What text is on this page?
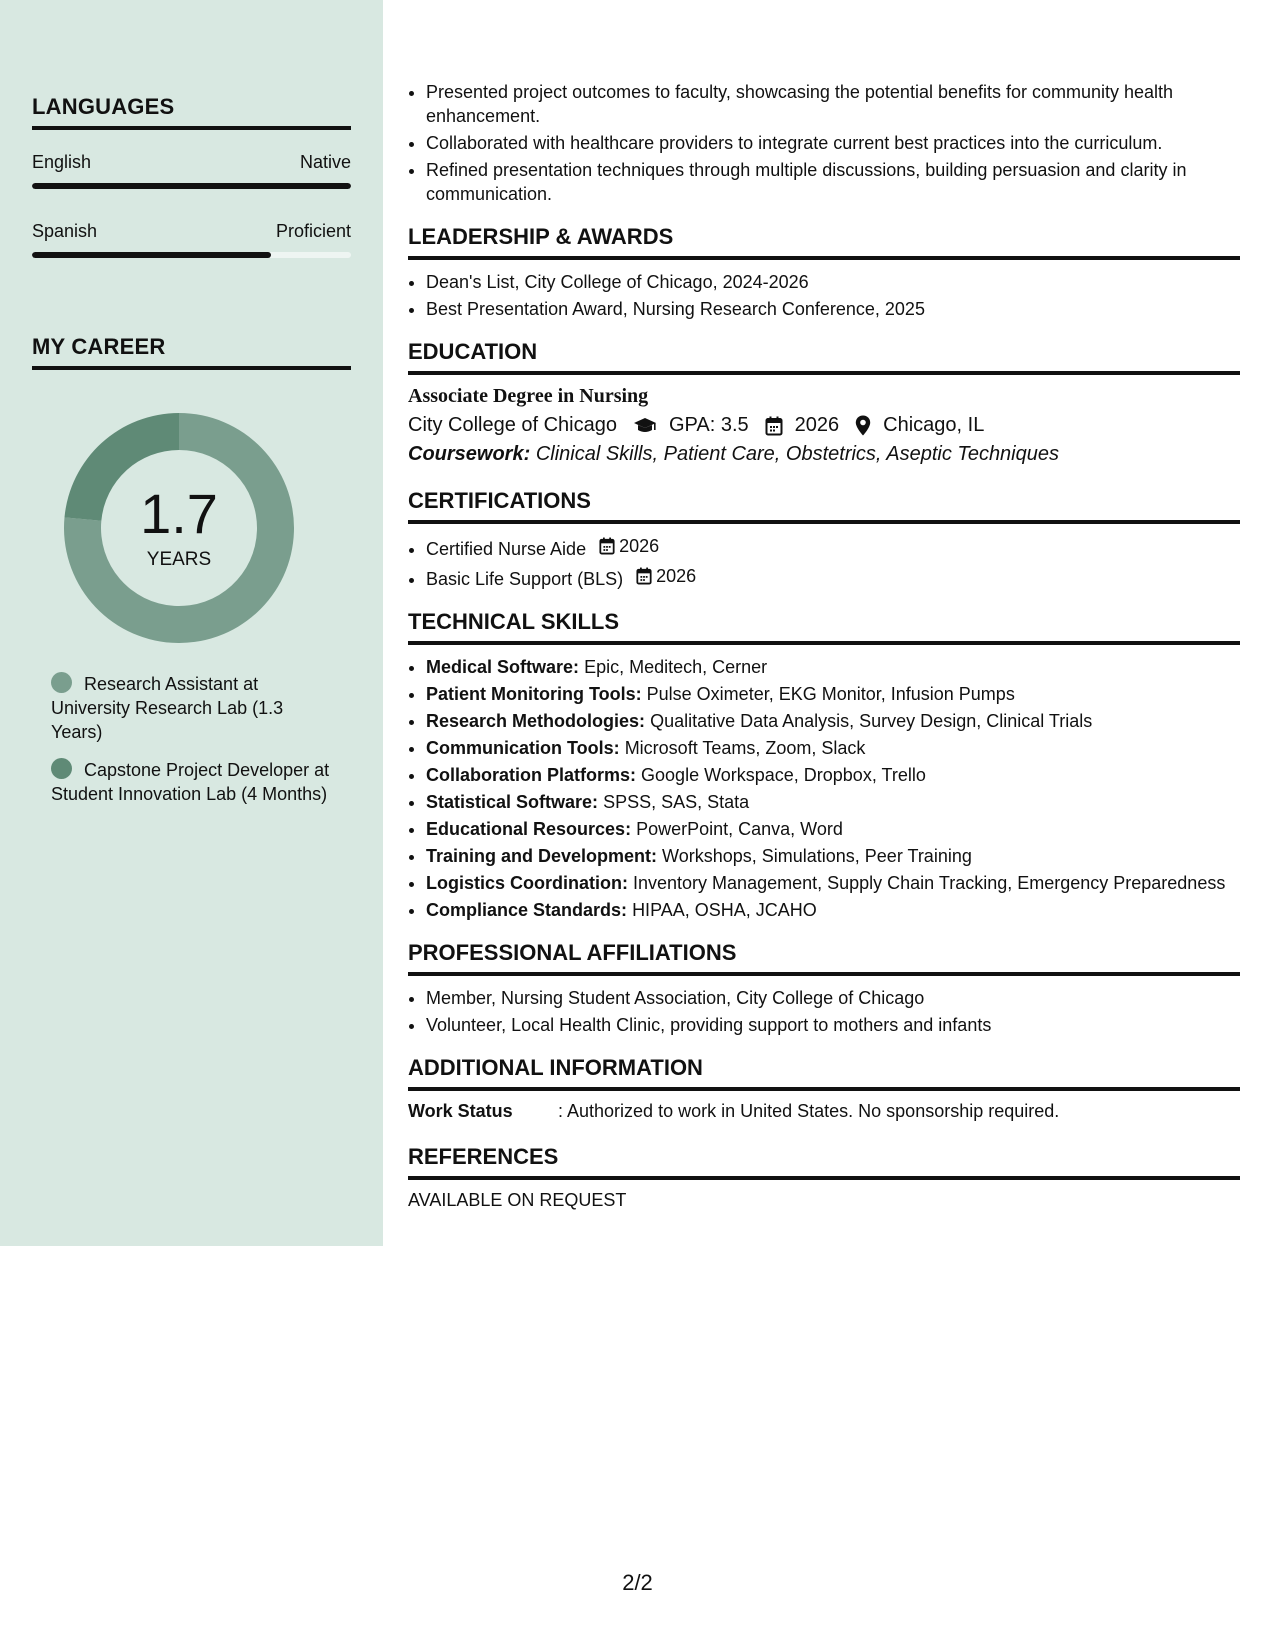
LANGUAGES
English	Native
Spanish	Proficient
MY CAREER
1.7
YEARS
Research Assistant at University Research Lab (1.3 Years)
Capstone Project Developer at Student Innovation Lab (4 Months)
• Presented project outcomes to faculty, showcasing the potential benefits for community health enhancement.
• Collaborated with healthcare providers to integrate current best practices into the curriculum.
• Refined presentation techniques through multiple discussions, building persuasion and clarity in communication.
LEADERSHIP & AWARDS
• Dean's List, City College of Chicago, 2024-2026
• Best Presentation Award, Nursing Research Conference, 2025
EDUCATION
Associate Degree in Nursing
City College of Chicago	GPA: 3.5 2026 Chicago, IL
Coursework: Clinical Skills, Patient Care, Obstetrics, Aseptic Techniques
CERTIFICATIONS
• Certified Nurse Aide 2026
• Basic Life Support (BLS) 2026
TECHNICAL SKILLS
• Medical Software: Epic, Meditech, Cerner
• Patient Monitoring Tools: Pulse Oximeter, EKG Monitor, Infusion Pumps
• Research Methodologies: Qualitative Data Analysis, Survey Design, Clinical Trials
• Communication Tools: Microsoft Teams, Zoom, Slack
• Collaboration Platforms: Google Workspace, Dropbox, Trello
• Statistical Software: SPSS, SAS, Stata
• Educational Resources: PowerPoint, Canva, Word
• Training and Development: Workshops, Simulations, Peer Training
• Logistics Coordination: Inventory Management, Supply Chain Tracking, Emergency Preparedness
• Compliance Standards: HIPAA, OSHA, JCAHO
PROFESSIONAL AFFILIATIONS
• Member, Nursing Student Association, City College of Chicago
• Volunteer, Local Health Clinic, providing support to mothers and infants
ADDITIONAL INFORMATION
Work Status	: Authorized to work in United States. No sponsorship required.
REFERENCES
AVAILABLE ON REQUEST
2/2
